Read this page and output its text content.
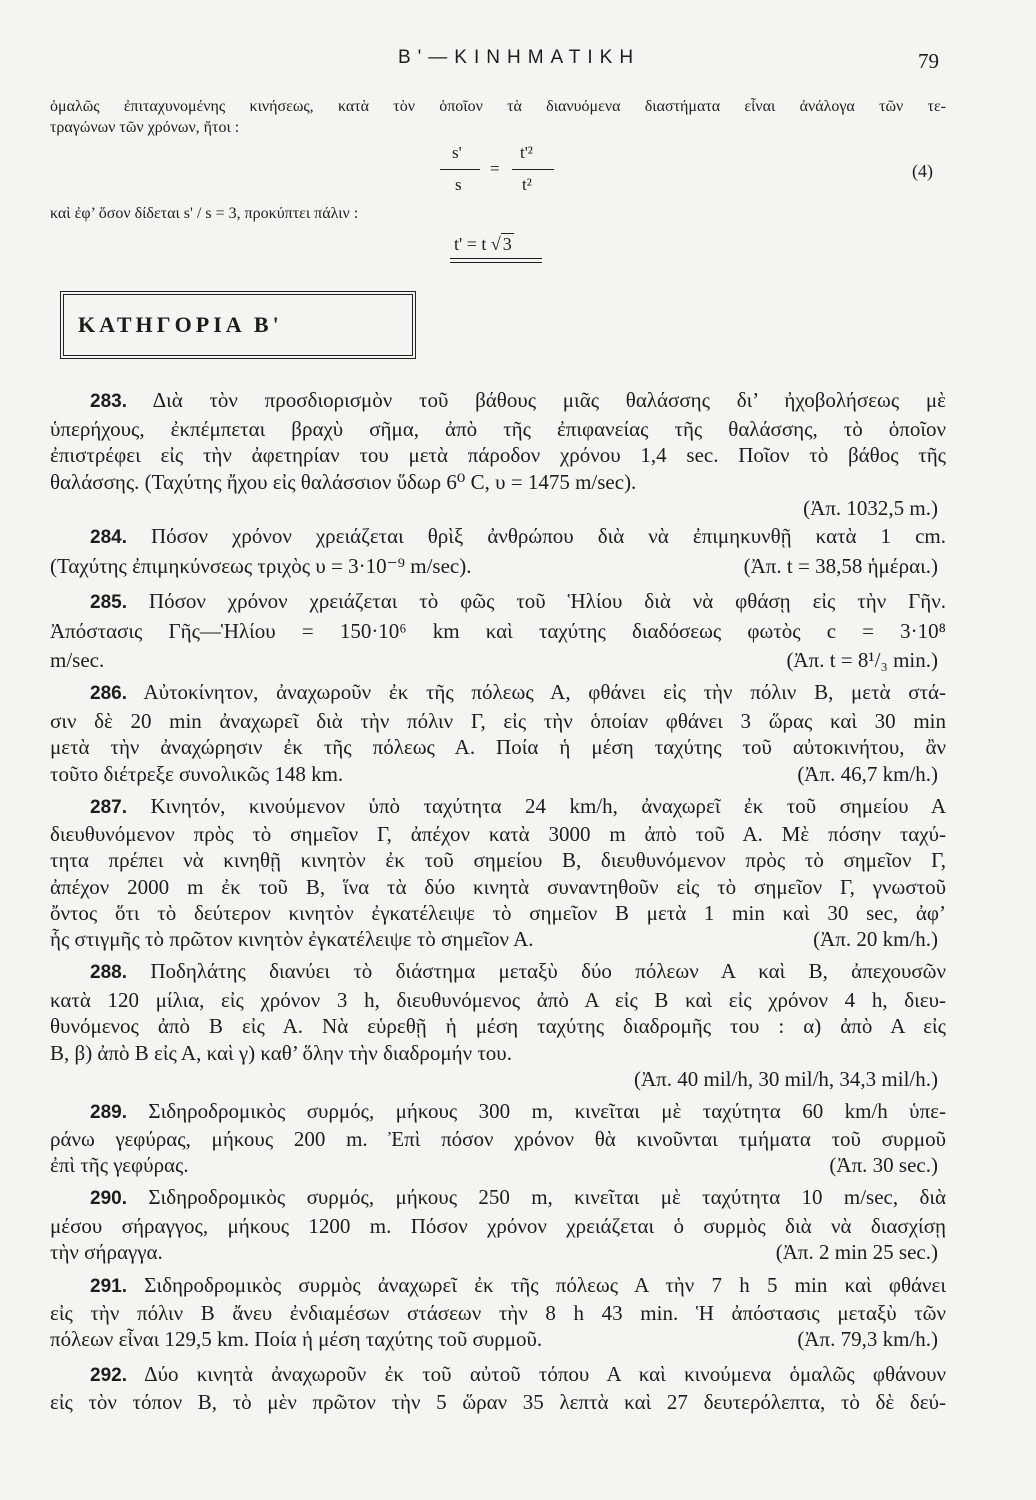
Β'—ΚΙΝΗΜΑΤΙΚΗ	79
ὁμαλῶς ἐπιταχυνομένης κινήσεως, κατὰ τὸν ὁποῖον τὰ διανυόμενα διαστήματα εἶναι ἀνάλογα τῶν τε-
τραγώνων τῶν χρόνων, ἤτοι :
s'
s
=
t'²
t²
(4)
καὶ ἐφ’ ὅσον δίδεται s' / s = 3, προκύπτει πάλιν :
t' = t √ 3
ΚΑΤΗΓΟΡΙΑ Β'
283. Διὰ τὸν προσδιορισμὸν τοῦ βάθους μιᾶς θαλάσσης δι’ ἠχοβολήσεως μὲ
ὑπερήχους, ἐκπέμπεται βραχὺ σῆμα, ἀπὸ τῆς ἐπιφανείας τῆς θαλάσσης, τὸ ὁποῖον
ἐπιστρέφει εἰς τὴν ἀφετηρίαν του μετὰ πάροδον χρόνου 1,4 sec. Ποῖον τὸ βάθος τῆς
θαλάσσης. (Ταχύτης ἤχου εἰς θαλάσσιον ὕδωρ 6⁰ C, υ = 1475 m/sec).
(Ἀπ. 1032,5 m.)
284. Πόσον χρόνον χρειάζεται θρὶξ ἀνθρώπου διὰ νὰ ἐπιμηκυνθῇ κατὰ 1 cm.
(Ταχύτης ἐπιμηκύνσεως τριχὸς υ = 3·10⁻⁹ m/sec).	(Ἀπ. t = 38,58 ἡμέραι.)
285. Πόσον χρόνον χρειάζεται τὸ φῶς τοῦ Ἡλίου διὰ νὰ φθάσῃ εἰς τὴν Γῆν.
Ἀπόστασις Γῆς—Ἡλίου = 150·10⁶ km καὶ ταχύτης διαδόσεως φωτὸς c = 3·10⁸
m/sec.	(Ἀπ. t = 8¹/₃ min.)
286. Αὐτοκίνητον, ἀναχωροῦν ἐκ τῆς πόλεως Α, φθάνει εἰς τὴν πόλιν Β, μετὰ στά-
σιν δὲ 20 min ἀναχωρεῖ διὰ τὴν πόλιν Γ, εἰς τὴν ὁποίαν φθάνει 3 ὥρας καὶ 30 min
μετὰ τὴν ἀναχώρησιν ἐκ τῆς πόλεως Α. Ποία ἡ μέση ταχύτης τοῦ αὐτοκινήτου, ἂν
τοῦτο διέτρεξε συνολικῶς 148 km.	(Ἀπ. 46,7 km/h.)
287. Κινητόν, κινούμενον ὑπὸ ταχύτητα 24 km/h, ἀναχωρεῖ ἐκ τοῦ σημείου Α
διευθυνόμενον πρὸς τὸ σημεῖον Γ, ἀπέχον κατὰ 3000 m ἀπὸ τοῦ Α. Μὲ πόσην ταχύ-
τητα πρέπει νὰ κινηθῇ κινητὸν ἐκ τοῦ σημείου Β, διευθυνόμενον πρὸς τὸ σημεῖον Γ,
ἀπέχον 2000 m ἐκ τοῦ Β, ἵνα τὰ δύο κινητὰ συναντηθοῦν εἰς τὸ σημεῖον Γ, γνωστοῦ
ὄντος ὅτι τὸ δεύτερον κινητὸν ἐγκατέλειψε τὸ σημεῖον Β μετὰ 1 min καὶ 30 sec, ἀφ’
ἧς στιγμῆς τὸ πρῶτον κινητὸν ἐγκατέλειψε τὸ σημεῖον Α.	(Ἀπ. 20 km/h.)
288. Ποδηλάτης διανύει τὸ διάστημα μεταξὺ δύο πόλεων Α καὶ Β, ἀπεχουσῶν
κατὰ 120 μίλια, εἰς χρόνον 3 h, διευθυνόμενος ἀπὸ Α εἰς Β καὶ εἰς χρόνον 4 h, διευ-
θυνόμενος ἀπὸ Β εἰς Α. Νὰ εὑρεθῇ ἡ μέση ταχύτης διαδρομῆς του : α) ἀπὸ Α εἰς
Β, β) ἀπὸ Β εἰς Α, καὶ γ) καθ’ ὅλην τὴν διαδρομήν του.
(Ἀπ. 40 mil/h, 30 mil/h, 34,3 mil/h.)
289. Σιδηροδρομικὸς συρμός, μήκους 300 m, κινεῖται μὲ ταχύτητα 60 km/h ὑπε-
ράνω γεφύρας, μήκους 200 m. Ἐπὶ πόσον χρόνον θὰ κινοῦνται τμήματα τοῦ συρμοῦ
ἐπὶ τῆς γεφύρας.	(Ἀπ. 30 sec.)
290. Σιδηροδρομικὸς συρμός, μήκους 250 m, κινεῖται μὲ ταχύτητα 10 m/sec, διὰ
μέσου σήραγγος, μήκους 1200 m. Πόσον χρόνον χρειάζεται ὁ συρμὸς διὰ νὰ διασχίσῃ
τὴν σήραγγα.	(Ἀπ. 2 min 25 sec.)
291. Σιδηροδρομικὸς συρμὸς ἀναχωρεῖ ἐκ τῆς πόλεως Α τὴν 7 h 5 min καὶ φθάνει
εἰς τὴν πόλιν Β ἄνευ ἐνδιαμέσων στάσεων τὴν 8 h 43 min. Ἡ ἀπόστασις μεταξὺ τῶν
πόλεων εἶναι 129,5 km. Ποία ἡ μέση ταχύτης τοῦ συρμοῦ.	(Ἀπ. 79,3 km/h.)
292. Δύο κινητὰ ἀναχωροῦν ἐκ τοῦ αὐτοῦ τόπου Α καὶ κινούμενα ὁμαλῶς φθάνουν
εἰς τὸν τόπον Β, τὸ μὲν πρῶτον τὴν 5 ὥραν 35 λεπτὰ καὶ 27 δευτερόλεπτα, τὸ δὲ δεύ-
